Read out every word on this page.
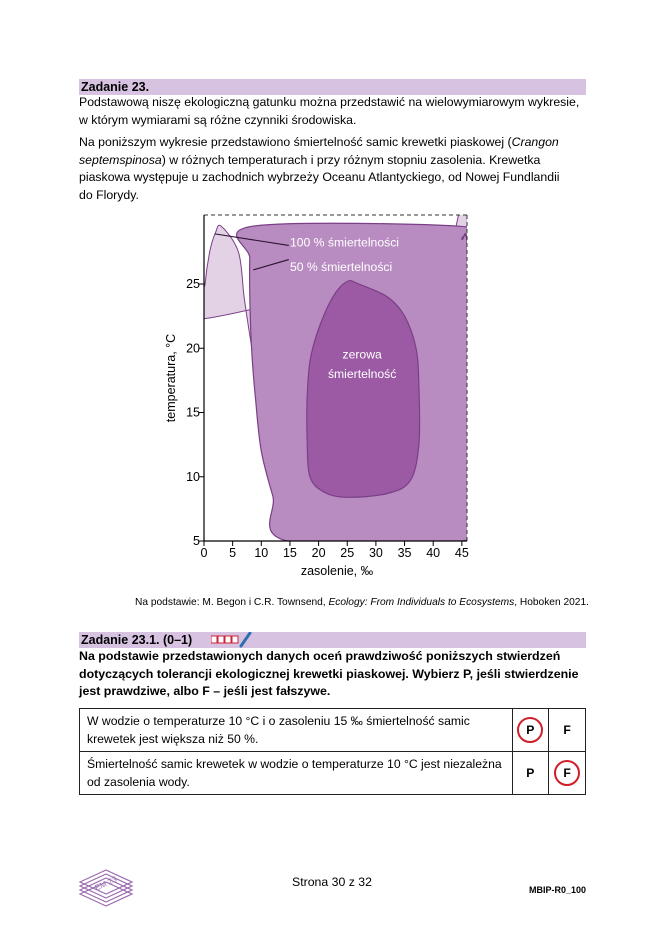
Zadanie 23.
Podstawową niszę ekologiczną gatunku można przedstawić na wielowymiarowym wykresie,
w którym wymiarami są różne czynniki środowiska.
Na poniższym wykresie przedstawiono śmiertelność samic krewetki piaskowej (Crangon
septemspinosa) w różnych temperaturach i przy różnym stopniu zasolenia. Krewetka
piaskowa występuje u zachodnich wybrzeży Oceanu Atlantyckiego, od Nowej Fundlandii
do Florydy.
0 5 10 15 20 25 30 35 40 45
5
10
15
20
25
zasolenie, ‰
temperatura, °C
100 % śmiertelności
50 % śmiertelności
zerowa
śmiertelność
Na podstawie: M. Begon i C.R. Townsend, Ecology: From Individuals to Ecosystems, Hoboken 2021.
Zadanie 23.1. (0–1)
Na podstawie przedstawionych danych oceń prawdziwość poniższych stwierdzeń
dotyczących tolerancji ekologicznej krewetki piaskowej. Wybierz P, jeśli stwierdzenie
jest prawdziwe, albo F – jeśli jest fałszywe.
W wodzie o temperaturze 10 °C i o zasoleniu 15 ‰ śmiertelność samic
krewetek jest większa niż 50 %.	P	F
Śmiertelność samic krewetek w wodzie o temperaturze 10 °C jest niezależna
od zasolenia wody.	P	F
EM 23	Strona 30 z 32
MBIP-R0_100
